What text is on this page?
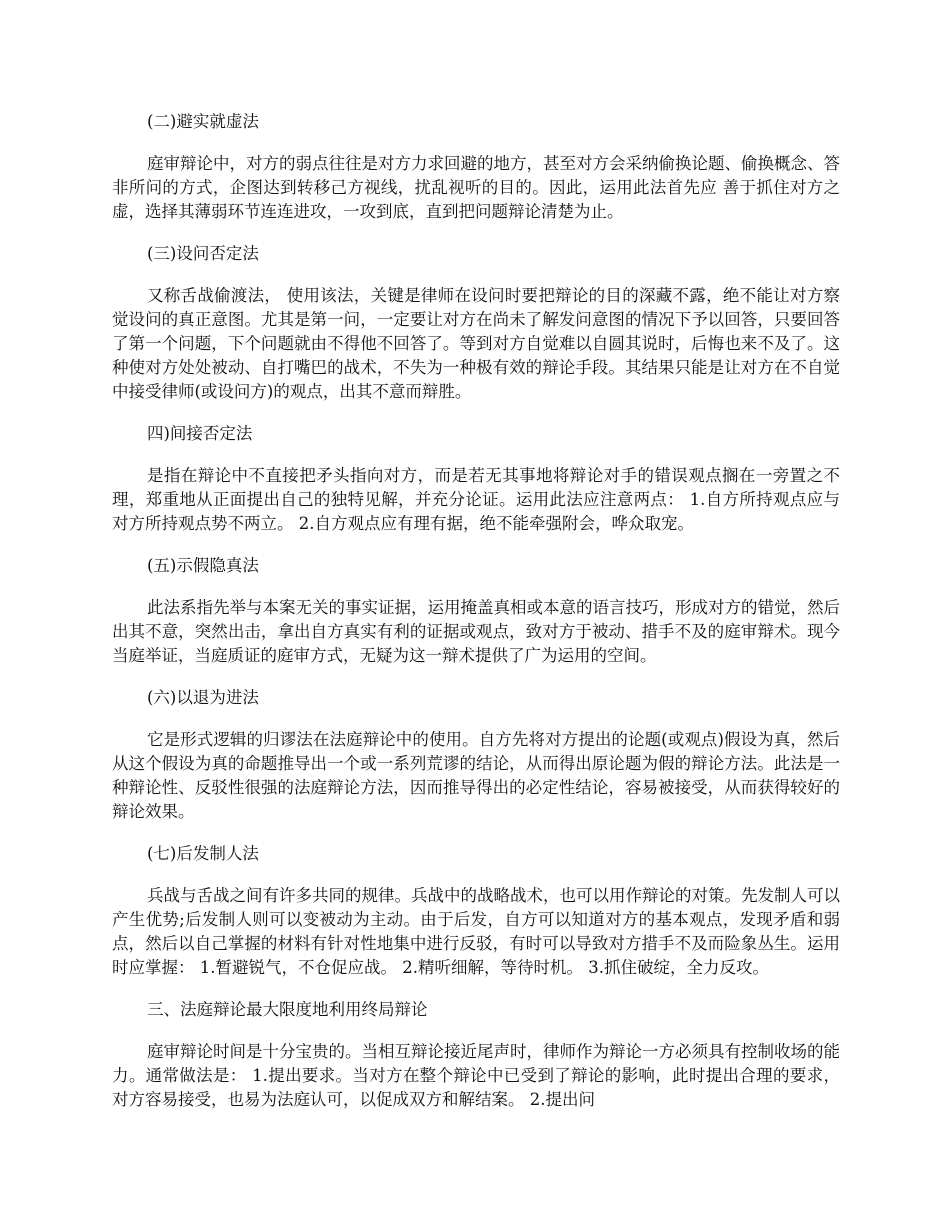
(二)避实就虚法

庭审辩论中，对方的弱点往往是对方力求回避的地方，甚至对方会采纳偷换论题、偷换概念、答非所问的方式，企图达到转移己方视线，扰乱视听的目的。因此，运用此法首先应 善于抓住对方之虚，选择其薄弱环节连连进攻，一攻到底，直到把问题辩论清楚为止。

(三)设问否定法

又称舌战偷渡法， 使用该法，关键是律师在设问时要把辩论的目的深藏不露，绝不能让对方察觉设问的真正意图。尤其是第一问，一定要让对方在尚未了解发问意图的情况下予以回答，只要回答了第一个问题，下个问题就由不得他不回答了。等到对方自觉难以自圆其说时，后悔也来不及了。这种使对方处处被动、自打嘴巴的战术，不失为一种极有效的辩论手段。其结果只能是让对方在不自觉中接受律师(或设问方)的观点，出其不意而辩胜。

四)间接否定法

是指在辩论中不直接把矛头指向对方，而是若无其事地将辩论对手的错误观点搁在一旁置之不理，郑重地从正面提出自己的独特见解，并充分论证。运用此法应注意两点： 1.自方所持观点应与对方所持观点势不两立。 2.自方观点应有理有据，绝不能牵强附会，哗众取宠。

(五)示假隐真法

此法系指先举与本案无关的事实证据，运用掩盖真相或本意的语言技巧，形成对方的错觉，然后出其不意，突然出击，拿出自方真实有利的证据或观点，致对方于被动、措手不及的庭审辩术。现今当庭举证，当庭质证的庭审方式，无疑为这一辩术提供了广为运用的空间。

(六)以退为进法

它是形式逻辑的归谬法在法庭辩论中的使用。自方先将对方提出的论题(或观点)假设为真，然后从这个假设为真的命题推导出一个或一系列荒谬的结论，从而得出原论题为假的辩论方法。此法是一种辩论性、反驳性很强的法庭辩论方法，因而推导得出的必定性结论，容易被接受，从而获得较好的辩论效果。

(七)后发制人法

兵战与舌战之间有许多共同的规律。兵战中的战略战术，也可以用作辩论的对策。先发制人可以产生优势;后发制人则可以变被动为主动。由于后发，自方可以知道对方的基本观点，发现矛盾和弱点，然后以自己掌握的材料有针对性地集中进行反驳，有时可以导致对方措手不及而险象丛生。运用时应掌握： 1.暂避锐气，不仓促应战。 2.精听细解，等待时机。 3.抓住破绽，全力反攻。

三、法庭辩论最大限度地利用终局辩论

庭审辩论时间是十分宝贵的。当相互辩论接近尾声时，律师作为辩论一方必须具有控制收场的能力。通常做法是： 1.提出要求。当对方在整个辩论中已受到了辩论的影响，此时提出合理的要求，对方容易接受，也易为法庭认可，以促成双方和解结案。 2.提出问
